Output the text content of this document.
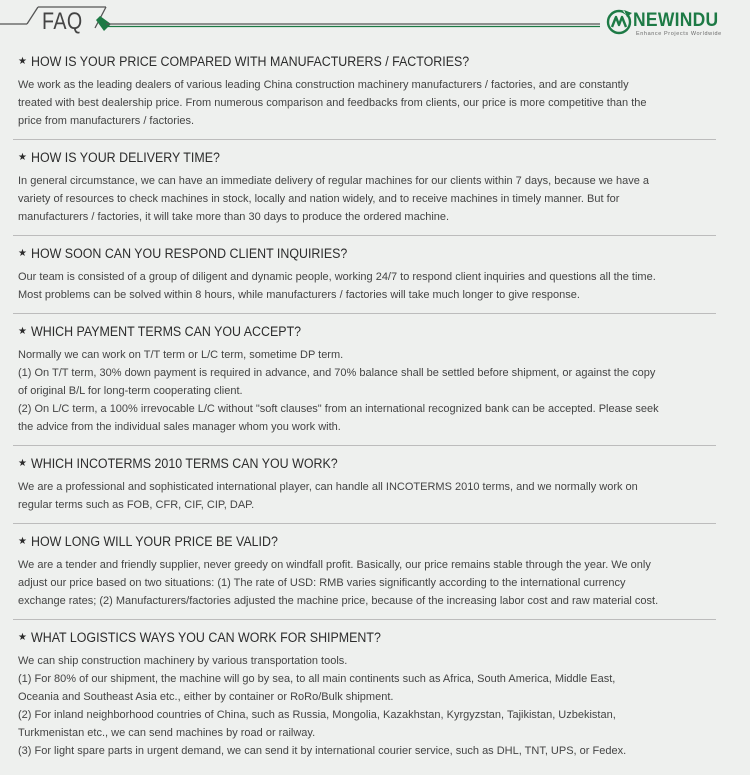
FAQ	NEWINDU
Enhance Projects Worldwide
★ HOW IS YOUR PRICE COMPARED WITH MANUFACTURERS / FACTORIES?
We work as the leading dealers of various leading China construction machinery manufacturers / factories, and are constantly
treated with best dealership price. From numerous comparison and feedbacks from clients, our price is more competitive than the
price from manufacturers / factories.
★ HOW IS YOUR DELIVERY TIME?
In general circumstance, we can have an immediate delivery of regular machines for our clients within 7 days, because we have a
variety of resources to check machines in stock, locally and nation widely, and to receive machines in timely manner. But for
manufacturers / factories, it will take more than 30 days to produce the ordered machine.
★ HOW SOON CAN YOU RESPOND CLIENT INQUIRIES?
Our team is consisted of a group of diligent and dynamic people, working 24/7 to respond client inquiries and questions all the time.
Most problems can be solved within 8 hours, while manufacturers / factories will take much longer to give response.
★ WHICH PAYMENT TERMS CAN YOU ACCEPT?
Normally we can work on T/T term or L/C term, sometime DP term.
(1) On T/T term, 30% down payment is required in advance, and 70% balance shall be settled before shipment, or against the copy
of original B/L for long-term cooperating client.
(2) On L/C term, a 100% irrevocable L/C without "soft clauses" from an international recognized bank can be accepted. Please seek
the advice from the individual sales manager whom you work with.
★ WHICH INCOTERMS 2010 TERMS CAN YOU WORK?
We are a professional and sophisticated international player, can handle all INCOTERMS 2010 terms, and we normally work on
regular terms such as FOB, CFR, CIF, CIP, DAP.
★ HOW LONG WILL YOUR PRICE BE VALID?
We are a tender and friendly supplier, never greedy on windfall profit. Basically, our price remains stable through the year. We only
adjust our price based on two situations: (1) The rate of USD: RMB varies significantly according to the international currency
exchange rates; (2) Manufacturers/factories adjusted the machine price, because of the increasing labor cost and raw material cost.
★ WHAT LOGISTICS WAYS YOU CAN WORK FOR SHIPMENT?
We can ship construction machinery by various transportation tools.
(1) For 80% of our shipment, the machine will go by sea, to all main continents such as Africa, South America, Middle East,
Oceania and Southeast Asia etc., either by container or RoRo/Bulk shipment.
(2) For inland neighborhood countries of China, such as Russia, Mongolia, Kazakhstan, Kyrgyzstan, Tajikistan, Uzbekistan,
Turkmenistan etc., we can send machines by road or railway.
(3) For light spare parts in urgent demand, we can send it by international courier service, such as DHL, TNT, UPS, or Fedex.
